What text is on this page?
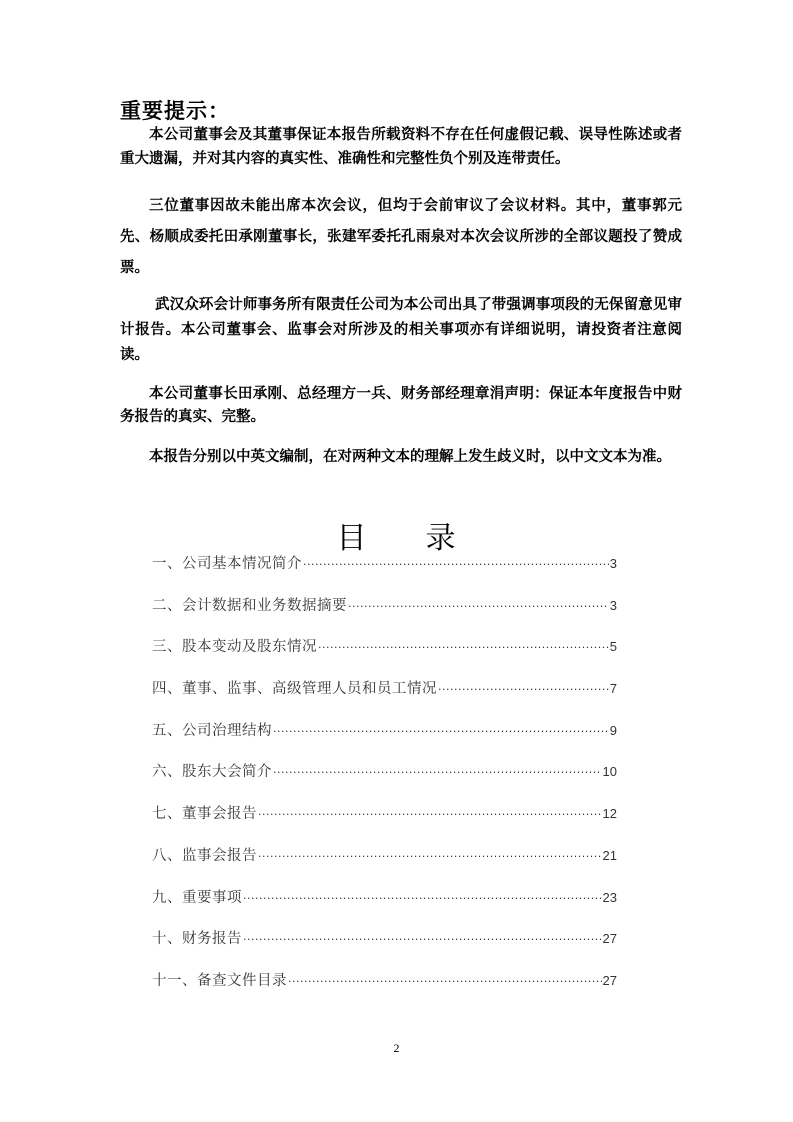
重要提示：

本公司董事会及其董事保证本报告所载资料不存在任何虚假记载、误导性陈述或者重大遗漏，并对其内容的真实性、准确性和完整性负个别及连带责任。

三位董事因故未能出席本次会议，但均于会前审议了会议材料。其中，董事郭元先、杨顺成委托田承刚董事长，张建军委托孔雨泉对本次会议所涉的全部议题投了赞成票。

武汉众环会计师事务所有限责任公司为本公司出具了带强调事项段的无保留意见审计报告。本公司董事会、监事会对所涉及的相关事项亦有详细说明，请投资者注意阅读。

本公司董事长田承刚、总经理方一兵、财务部经理章涓声明：保证本年度报告中财务报告的真实、完整。

本报告分别以中英文编制，在对两种文本的理解上发生歧义时，以中文文本为准。

目 录
一、公司基本情况简介 ·····	3
二、会计数据和业务数据摘要 ·····	3
三、股本变动及股东情况 ·····	5
四、董事、监事、高级管理人员和员工情况 ·····	7
五、公司治理结构 ·····	9
六、股东大会简介 ·····	10
七、董事会报告 ·····	12
八、监事会报告 ·····	21
九、重要事项 ·····	23
十、财务报告 ·····	27
十一、备查文件目录 ·····	27
2
